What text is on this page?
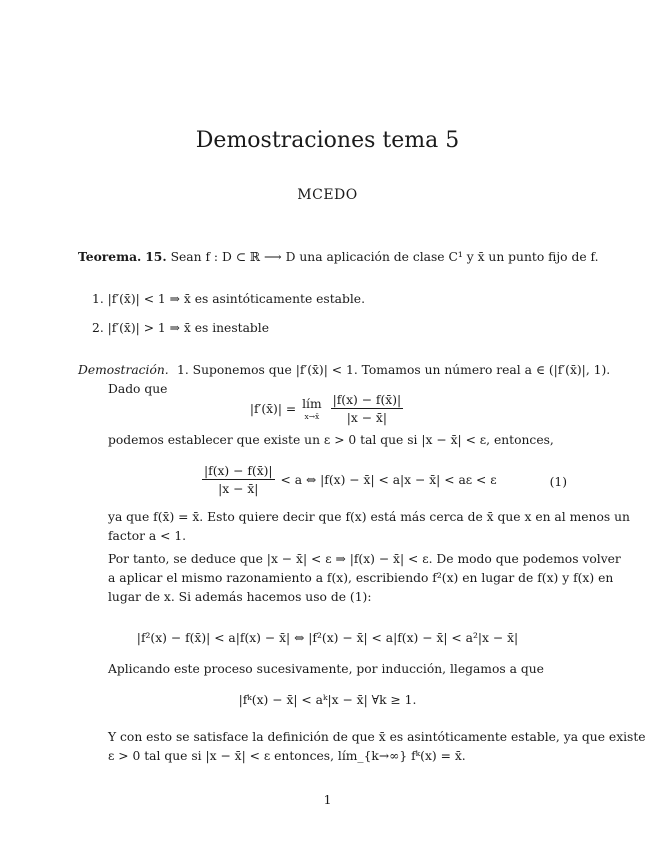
Demostraciones tema 5
MCEDO
Teorema. 15. Sean f : D ⊂ ℝ ⟶ D una aplicación de clase C¹ y x̄ un punto fijo de f.
1. |f′(x̄)| < 1 ⇒ x̄ es asintóticamente estable.
2. |f′(x̄)| > 1 ⇒ x̄ es inestable
Demostración. 1. Suponemos que |f′(x̄)| < 1. Tomamos un número real a ∈ (|f′(x̄)|, 1).
Dado que
|f′(x̄)| = lím
x→x̄
$\frac{|f(x) - f(x̄)|}{|x - x̄|}$
podemos establecer que existe un ε > 0 tal que si |x − x̄| < ε, entonces,
$\frac{|f(x) - f(x̄)|}{|x - x̄|} < a$ ⇔ |f(x) − x̄| < a|x − x̄| < aε < ε	(1)
ya que f(x̄) = x̄. Esto quiere decir que f(x) está más cerca de x̄ que x en al menos un
factor a < 1.
Por tanto, se deduce que |x − x̄| < ε ⇒ |f(x) − x̄| < ε. De modo que podemos volver
a aplicar el mismo razonamiento a f(x), escribiendo f²(x) en lugar de f(x) y f(x) en
lugar de x. Si además hacemos uso de (1):
|f²(x) − f(x̄)| < a|f(x) − x̄| ⇔ |f²(x) − x̄| < a|f(x) − x̄| < a²|x − x̄|
Aplicando este proceso sucesivamente, por inducción, llegamos a que
|fᵏ(x) − x̄| < aᵏ|x − x̄| ∀k ≥ 1.
Y con esto se satisface la definición de que x̄ es asintóticamente estable, ya que existe
ε > 0 tal que si |x − x̄| < ε entonces, lím_{k→∞} fᵏ(x) = x̄.
1
